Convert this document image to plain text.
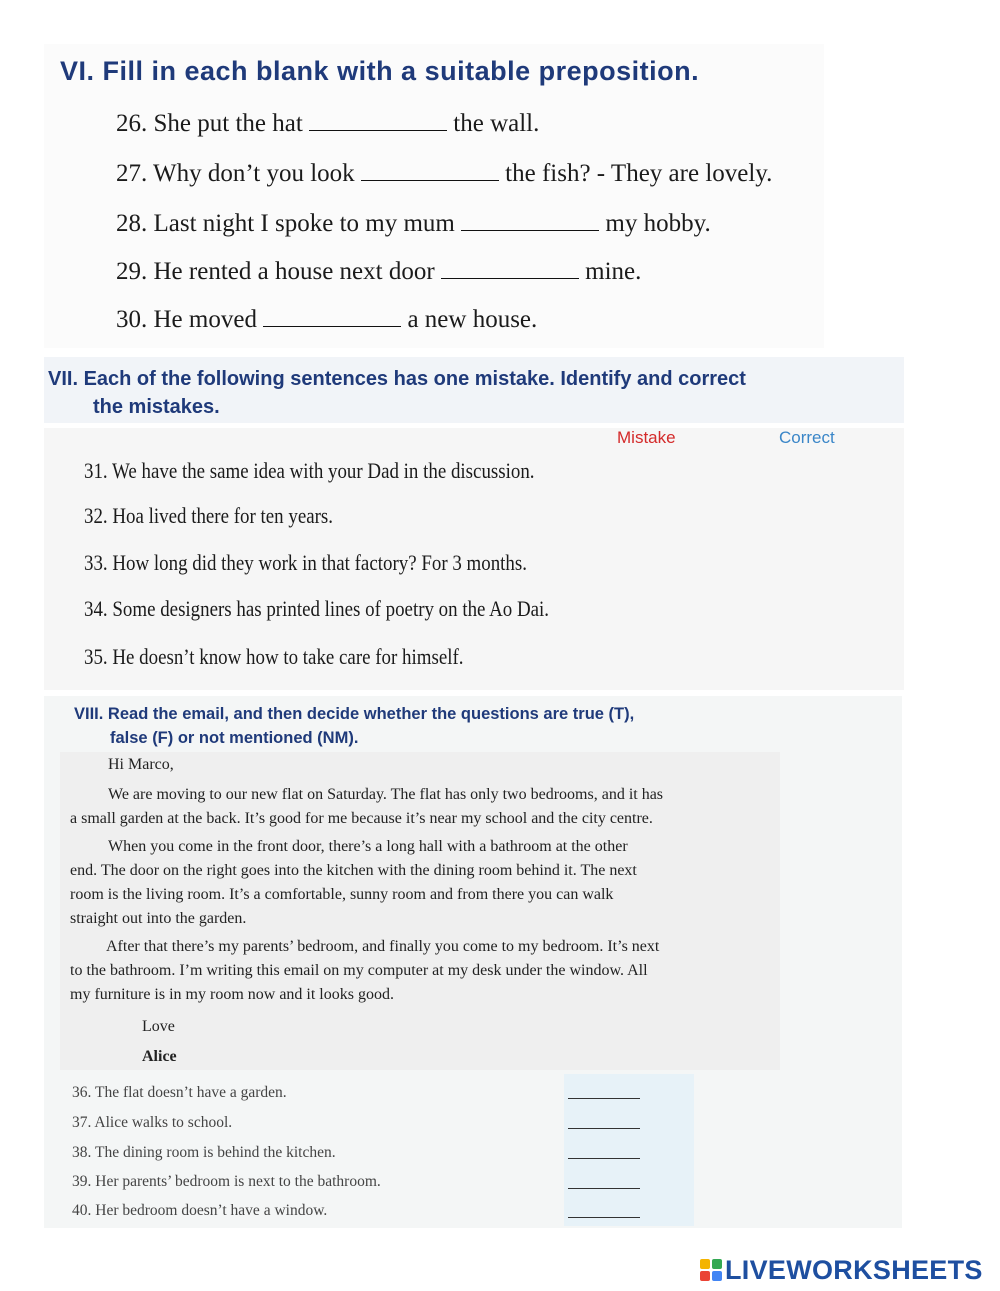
VI. Fill in each blank with a suitable preposition.
26. She put the hat	the wall.
27. Why don’t you look	the fish? - They are lovely.
28. Last night I spoke to my mum	my hobby.
29. He rented a house next door	mine.
30. He moved	a new house.
VII. Each of the following sentences has one mistake. Identify and correct
the mistakes.
Mistake	Correct
31. We have the same idea with your Dad in the discussion.
32. Hoa lived there for ten years.
33. How long did they work in that factory? For 3 months.
34. Some designers has printed lines of poetry on the Ao Dai.
35. He doesn’t know how to take care for himself.
VIII. Read the email, and then decide whether the questions are true (T),
false (F) or not mentioned (NM).
Hi Marco,
We are moving to our new flat on Saturday. The flat has only two bedrooms, and it has
a small garden at the back. It’s good for me because it’s near my school and the city centre.
When you come in the front door, there’s a long hall with a bathroom at the other
end. The door on the right goes into the kitchen with the dining room behind it. The next
room is the living room. It’s a comfortable, sunny room and from there you can walk
straight out into the garden.
After that there’s my parents’ bedroom, and finally you come to my bedroom. It’s next
to the bathroom. I’m writing this email on my computer at my desk under the window. All
my furniture is in my room now and it looks good.
Love
Alice
36. The flat doesn’t have a garden.
37. Alice walks to school.
38. The dining room is behind the kitchen.
39. Her parents’ bedroom is next to the bathroom.
40. Her bedroom doesn’t have a window.
LIVEWORKSHEETS
